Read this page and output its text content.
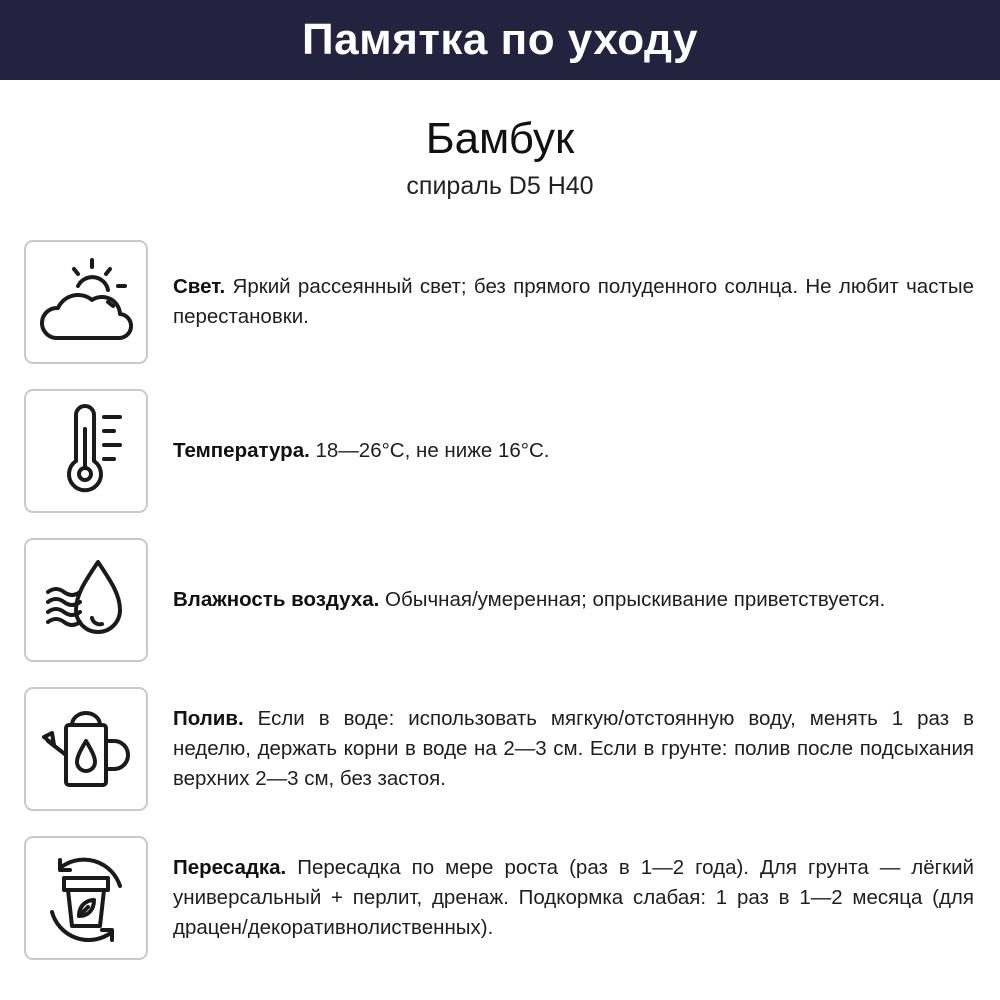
Памятка по уходу
Бамбук
спираль D5 H40
Свет. Яркий рассеянный свет; без прямого полуденного солнца. Не любит частые перестановки.
Температура. 18—26°C, не ниже 16°C.
Влажность воздуха. Обычная/умеренная; опрыскивание приветствуется.
Полив. Если в воде: использовать мягкую/отстоянную воду, менять 1 раз в неделю, держать корни в воде на 2—3 см. Если в грунте: полив после подсыхания верхних 2—3 см, без застоя.
Пересадка. Пересадка по мере роста (раз в 1—2 года). Для грунта — лёгкий универсальный + перлит, дренаж. Подкормка слабая: 1 раз в 1—2 месяца (для драцен/декоративнолиственных).
